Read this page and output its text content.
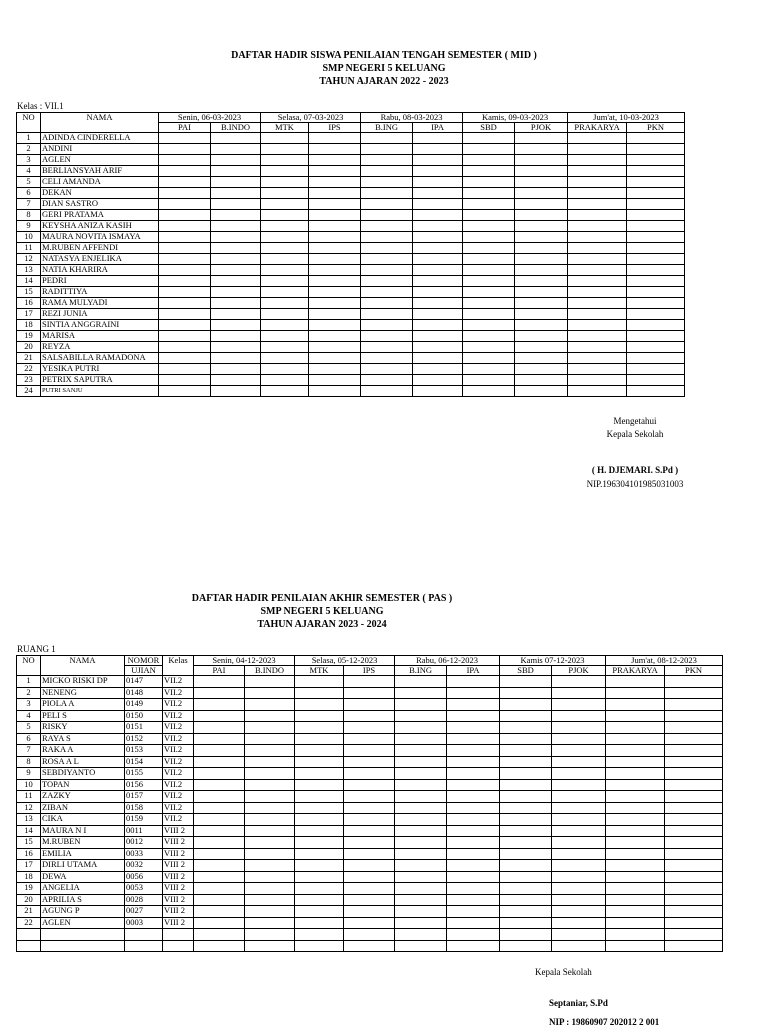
DAFTAR HADIR SISWA PENILAIAN TENGAH SEMESTER ( MID )
SMP NEGERI 5 KELUANG
TAHUN AJARAN 2022 - 2023
Kelas : VII.1
NO	NAMA	Senin, 06-03-2023		Selasa, 07-03-2023		Rabu, 08-03-2023		Kamis, 09-03-2023		Jum'at, 10-03-2023	
		PAI	B.INDO	MTK	IPS	B.ING	IPA	SBD	PJOK	PRAKARYA	PKN
1	ADINDA CINDERELLA										
2	ANDINI										
3	AGLEN										
4	BERLIANSYAH ARIF										
5	CELI AMANDA										
6	DEKAN										
7	DIAN SASTRO										
8	GERI PRATAMA										
9	KEYSHA ANIZA KASIH										
10	MAURA NOVITA ISMAYA										
11	M.RUBEN AFFENDI										
12	NATASYA ENJELIKA										
13	NATIA KHARIRA										
14	PEDRI										
15	RADITTIYA										
16	RAMA MULYADI										
17	REZI JUNIA										
18	SINTIA ANGGRAINI										
19	MARISA										
20	REYZA										
21	SALSABILLA RAMADONA										
22	YESIKA PUTRI										
23	PETRIX SAPUTRA										
24	PUTRI SANJU										
Mengetahui
Kepala Sekolah
( H. DJEMARI. S.Pd )
NIP.196304101985031003
DAFTAR HADIR PENILAIAN AKHIR SEMESTER ( PAS )
SMP NEGERI 5 KELUANG
TAHUN AJARAN 2023 - 2024
RUANG 1
NO	NAMA	NOMOR	Kelas	Senin, 04-12-2023		Selasa, 05-12-2023		Rabu, 06-12-2023		Kamis 07-12-2023		Jum'at, 08-12-2023	
		UJIAN		PAI	B.INDO	MTK	IPS	B.ING	IPA	SBD	PJOK	PRAKARYA	PKN
1	MICKO RISKI DP	0147	VII.2										
2	NENENG	0148	VII.2										
3	PIOLA A	0149	VII.2										
4	PELI S	0150	VII.2										
5	RISKY	0151	VII.2										
6	RAYA S	0152	VII.2										
7	RAKA A	0153	VII.2										
8	ROSA A L	0154	VII.2										
9	SEBDIYANTO	0155	VII.2										
10	TOPAN	0156	VII.2										
11	ZAZKY	0157	VII.2										
12	ZIBAN	0158	VII.2										
13	CIKA	0159	VII.2										
14	MAURA N I	0011	VIII 2										
15	M.RUBEN	0012	VIII 2										
16	EMILIA	0033	VIII 2										
17	DIRLI UTAMA	0032	VIII 2										
18	DEWA	0056	VIII 2										
19	ANGELIA	0053	VIII 2										
20	APRILIA S	0028	VIII 2										
21	AGUNG P	0027	VIII 2										
22	AGLEN	0003	VIII 2										

Kepala Sekolah
Septaniar, S.Pd
NIP : 19860907 202012 2 001
